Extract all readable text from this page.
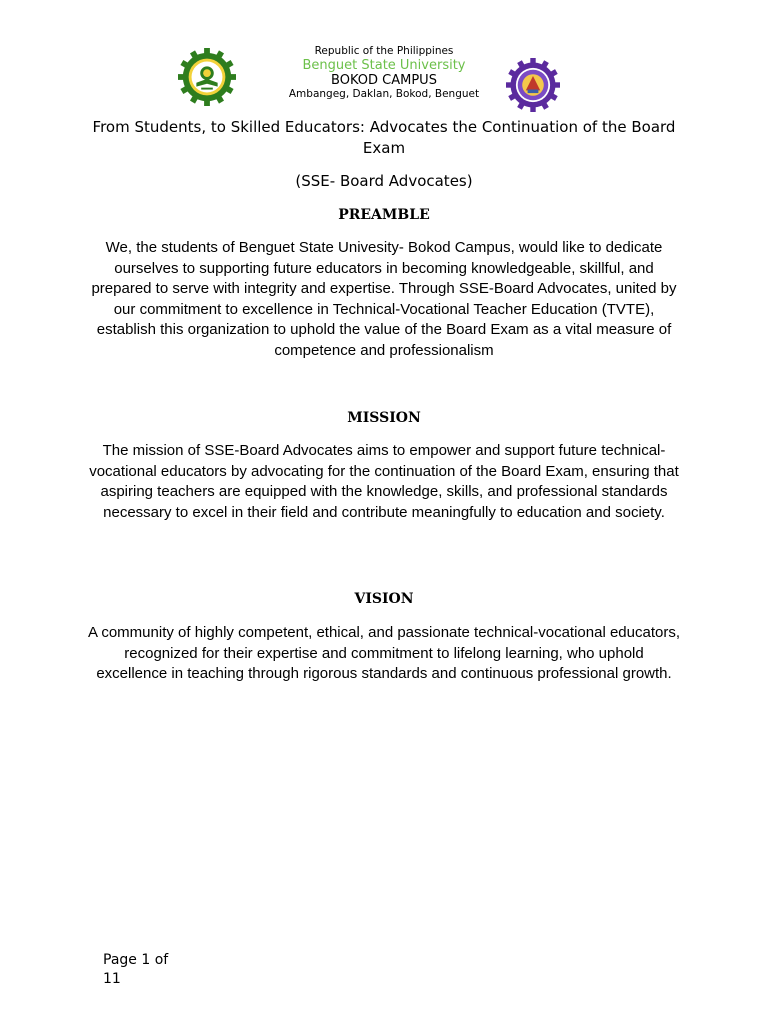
Republic of the Philippines
Benguet State University
BOKOD CAMPUS
Ambangeg, Daklan, Bokod, Benguet
From Students, to Skilled Educators: Advocates the Continuation of the Board Exam
(SSE- Board Advocates)
PREAMBLE
We, the students of Benguet State Univesity- Bokod Campus, would like to dedicate ourselves to supporting future educators in becoming knowledgeable, skillful, and prepared to serve with integrity and expertise. Through SSE-Board Advocates, united by our commitment to excellence in Technical-Vocational Teacher Education (TVTE), establish this organization to uphold the value of the Board Exam as a vital measure of competence and professionalism
MISSION
The mission of SSE-Board Advocates aims to empower and support future technical-vocational educators by advocating for the continuation of the Board Exam, ensuring that aspiring teachers are equipped with the knowledge, skills, and professional standards necessary to excel in their field and contribute meaningfully to education and society.
VISION
A community of highly competent, ethical, and passionate technical-vocational educators, recognized for their expertise and commitment to lifelong learning, who uphold excellence in teaching through rigorous standards and continuous professional growth.
Page 1 of
11
